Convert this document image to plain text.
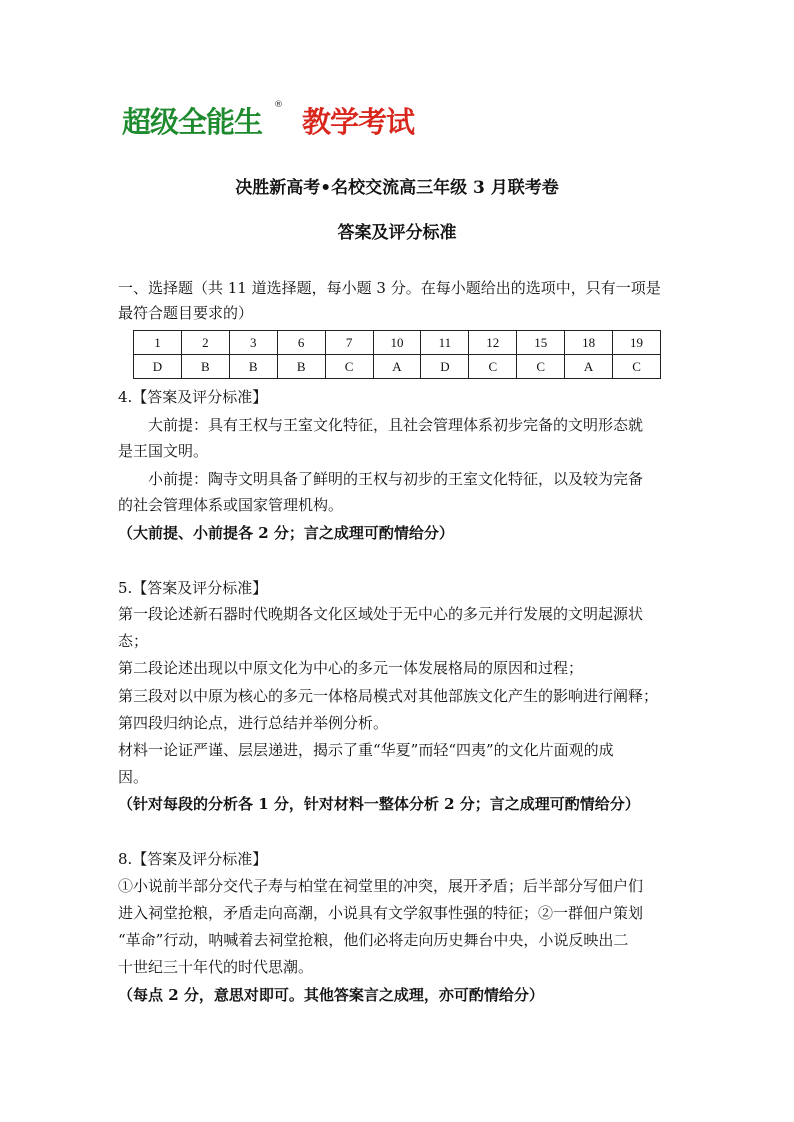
超级全能生 ® 教学考试
决胜新高考•名校交流高三年级 3 月联考卷
答案及评分标准
一、选择题（共 11 道选择题，每小题 3 分。在每小题给出的选项中，只有一项是
最符合题目要求的）
1	2	3	6	7	10	11	12	15	18	19
D	B	B	B	C	A	D	C	C	A	C
4.【答案及评分标准】
大前提：具有王权与王室文化特征，且社会管理体系初步完备的文明形态就
是王国文明。
小前提：陶寺文明具备了鲜明的王权与初步的王室文化特征，以及较为完备
的社会管理体系或国家管理机构。
（大前提、小前提各 2 分；言之成理可酌情给分）
5.【答案及评分标准】
第一段论述新石器时代晚期各文化区域处于无中心的多元并行发展的文明起源状
态；
第二段论述出现以中原文化为中心的多元一体发展格局的原因和过程；
第三段对以中原为核心的多元一体格局模式对其他部族文化产生的影响进行阐释；
第四段归纳论点，进行总结并举例分析。
材料一论证严谨、层层递进，揭示了重“华夏”而轻“四夷”的文化片面观的成
因。
（针对每段的分析各 1 分，针对材料一整体分析 2 分；言之成理可酌情给分）
8.【答案及评分标准】
①小说前半部分交代子寿与柏堂在祠堂里的冲突，展开矛盾；后半部分写佃户们
进入祠堂抢粮，矛盾走向高潮，小说具有文学叙事性强的特征；②一群佃户策划
“革命”行动，呐喊着去祠堂抢粮，他们必将走向历史舞台中央，小说反映出二
十世纪三十年代的时代思潮。
（每点 2 分，意思对即可。其他答案言之成理，亦可酌情给分）
